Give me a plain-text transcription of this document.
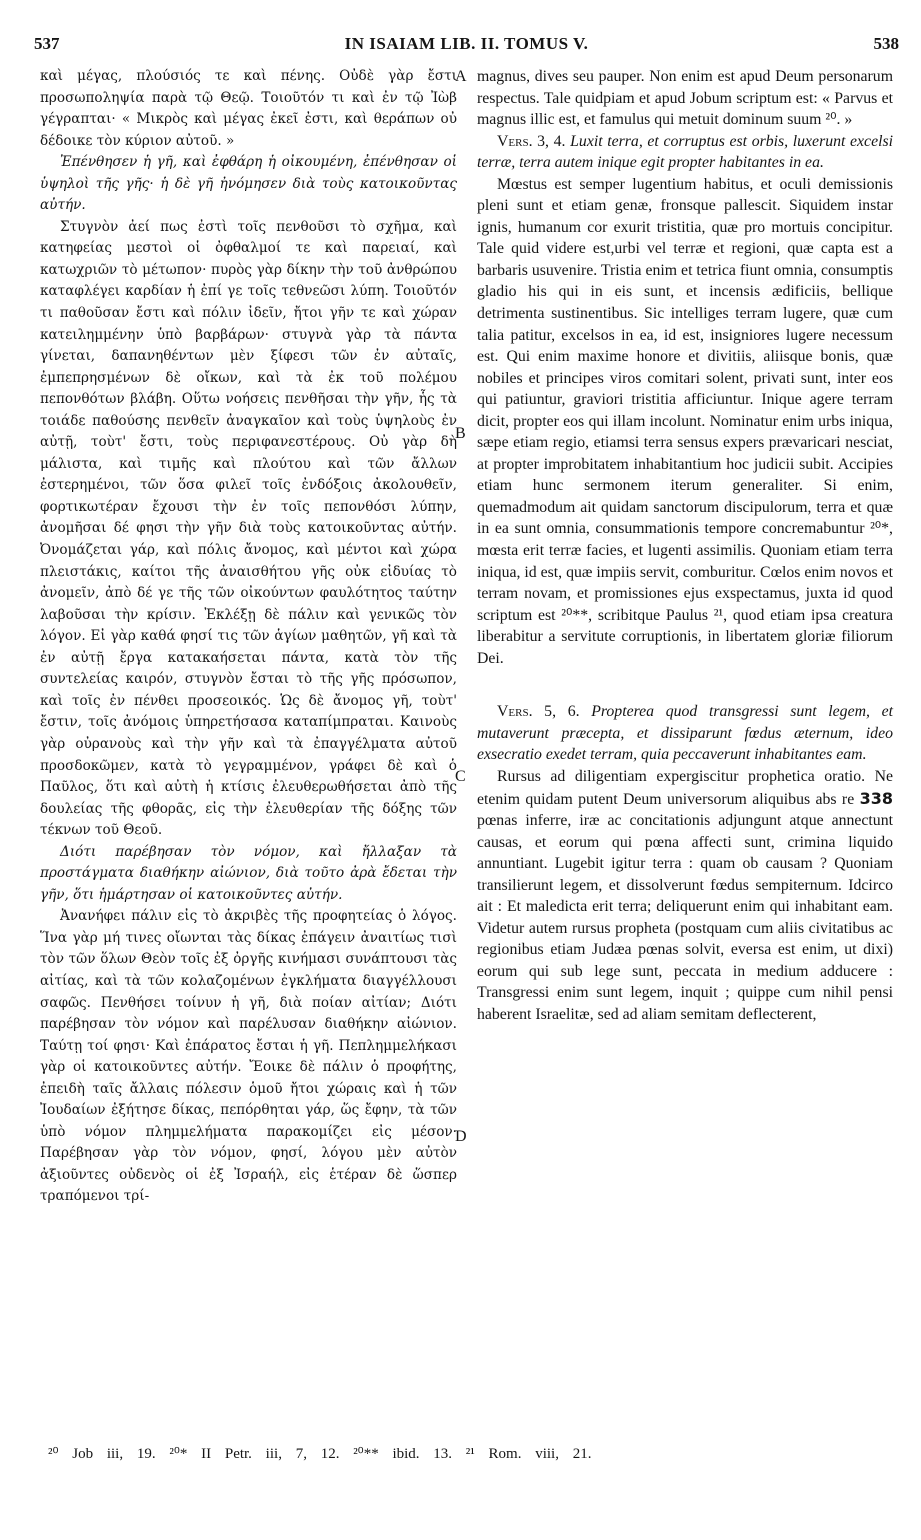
537	IN ISAIAM LIB. II. TOMUS V.	538

καὶ μέγας, πλούσιός τε καὶ πένης. Οὐδὲ γὰρ ἔστι προσωποληψία παρὰ τῷ Θεῷ. Τοιοῦτόν τι καὶ ἐν τῷ Ἰὼβ γέγραπται· « Μικρὸς καὶ μέγας ἐκεῖ ἐστι, καὶ θεράπων οὐ δέδοικε τὸν κύριον αὐτοῦ. »

Ἐπένθησεν ἡ γῆ, καὶ ἐφθάρη ἡ οἰκουμένη, ἐπένθησαν οἱ ὑψηλοὶ τῆς γῆς· ἡ δὲ γῆ ἠνόμησεν διὰ τοὺς κατοικοῦντας αὐτήν.

Στυγνὸν ἀεί πως ἐστὶ τοῖς πενθοῦσι τὸ σχῆμα, καὶ κατηφείας μεστοὶ οἱ ὀφθαλμοί τε καὶ παρειαί, καὶ κατωχριῶν τὸ μέτωπον· πυρὸς γὰρ δίκην τὴν τοῦ ἀνθρώπου καταφλέγει καρδίαν ἡ ἐπί γε τοῖς τεθνεῶσι λύπη. Τοιοῦτόν τι παθοῦσαν ἔστι καὶ πόλιν ἰδεῖν, ἤτοι γῆν τε καὶ χώραν κατειλημμένην ὑπὸ βαρβάρων· στυγνὰ γὰρ τὰ πάντα γίνεται, δαπανηθέντων μὲν ξίφεσι τῶν ἐν αὐταῖς, ἐμπεπρησμένων δὲ οἴκων, καὶ τὰ ἐκ τοῦ πολέμου πεπονθότων βλάβη. Οὕτω νοήσεις πενθῆσαι τὴν γῆν, ἧς τὰ τοιάδε παθούσης πενθεῖν ἀναγκαῖον καὶ τοὺς ὑψηλοὺς ἐν αὐτῇ, τοὺτ' ἔστι, τοὺς περιφανεστέρους. Οὐ γὰρ δὴ μάλιστα, καὶ τιμῆς καὶ πλούτου καὶ τῶν ἄλλων ἐστερημένοι, τῶν ὅσα φιλεῖ τοῖς ἐνδόξοις ἀκολουθεῖν, φορτικωτέραν ἔχουσι τὴν ἐν τοῖς πεπονθόσι λύπην, ἀνομῆσαι δέ φησι τὴν γῆν διὰ τοὺς κατοικοῦντας αὐτήν. Ὀνομάζεται γάρ, καὶ πόλις ἄνομος, καὶ μέντοι καὶ χώρα πλειστάκις, καίτοι τῆς ἀναισθήτου γῆς οὐκ εἰδυίας τὸ ἀνομεῖν, ἀπὸ δέ γε τῆς τῶν οἰκούντων φαυλότητος ταύτην λαβοῦσαι τὴν κρίσιν. Ἐκλέξῃ δὲ πάλιν καὶ γενικῶς τὸν λόγον. Εἰ γὰρ καθά φησί τις τῶν ἁγίων μαθητῶν, γῆ καὶ τὰ ἐν αὐτῇ ἔργα κατακαήσεται πάντα, κατὰ τὸν τῆς συντελείας καιρόν, στυγνὸν ἔσται τὸ τῆς γῆς πρόσωπον, καὶ τοῖς ἐν πένθει προσεοικός. Ὡς δὲ ἄνομος γῆ, τοὺτ' ἔστιν, τοῖς ἀνόμοις ὑπηρετήσασα καταπίμπραται. Καινοὺς γὰρ οὐρανοὺς καὶ τὴν γῆν καὶ τὰ ἐπαγγέλματα αὐτοῦ προσδοκῶμεν, κατὰ τὸ γεγραμμένον, γράφει δὲ καὶ ὁ Παῦλος, ὅτι καὶ αὐτὴ ἡ κτίσις ἐλευθερωθήσεται ἀπὸ τῆς δουλείας τῆς φθορᾶς, εἰς τὴν ἐλευθερίαν τῆς δόξης τῶν τέκνων τοῦ Θεοῦ.

Διότι παρέβησαν τὸν νόμον, καὶ ἤλλαξαν τὰ προστάγματα διαθήκην αἰώνιον, διὰ τοῦτο ἀρὰ ἔδεται τὴν γῆν, ὅτι ἡμάρτησαν οἱ κατοικοῦντες αὐτήν.

Ἀνανήφει πάλιν εἰς τὸ ἀκριβὲς τῆς προφητείας ὁ λόγος. Ἵνα γὰρ μή τινες οἴωνται τὰς δίκας ἐπάγειν ἀναιτίως τισὶ τὸν τῶν ὅλων Θεὸν τοῖς ἐξ ὀργῆς κινήμασι συνάπτουσι τὰς αἰτίας, καὶ τὰ τῶν κολαζομένων ἐγκλήματα διαγγέλλουσι σαφῶς. Πενθήσει τοίνυν ἡ γῆ, διὰ ποίαν αἰτίαν; Διότι παρέβησαν τὸν νόμον καὶ παρέλυσαν διαθήκην αἰώνιον. Ταύτῃ τοί φησι· Καὶ ἐπάρατος ἔσται ἡ γῆ. Πεπλημμελήκασι γὰρ οἱ κατοικοῦντες αὐτήν. Ἔοικε δὲ πάλιν ὁ προφήτης, ἐπειδὴ ταῖς ἄλλαις πόλεσιν ὁμοῦ ἤτοι χώραις καὶ ἡ τῶν Ἰουδαίων ἐξήτησε δίκας, πεπόρθηται γάρ, ὥς ἔφην, τὰ τῶν ὑπὸ νόμον πλημμελήματα παρακομίζει εἰς μέσον· Παρέβησαν γὰρ τὸν νόμον, φησί, λόγου μὲν αὐτὸν ἀξιοῦντες οὐδενὸς οἱ ἐξ Ἰσραήλ, εἰς ἑτέραν δὲ ὥσπερ τραπόμενοι τρί-

A
B
C
D

magnus, dives seu pauper. Non enim est apud Deum personarum respectus. Tale quidpiam et apud Jobum scriptum est: « Parvus et magnus illic est, et famulus qui metuit dominum suum ²⁰. »

Vers. 3, 4. Luxit terra, et corruptus est orbis, luxerunt excelsi terræ, terra autem inique egit propter habitantes in ea.

Mœstus est semper lugentium habitus, et oculi demissionis pleni sunt et etiam genæ, fronsque pallescit. Siquidem instar ignis, humanum cor exurit tristitia, quæ pro mortuis concipitur. Tale quid videre est,urbi vel terræ et regioni, quæ capta est a barbaris usuvenire. Tristia enim et tetrica fiunt omnia, consumptis gladio his qui in eis sunt, et incensis ædificiis, bellique detrimenta sustinentibus. Sic intelliges terram lugere, quæ cum talia patitur, excelsos in ea, id est, insigniores lugere necessum est. Qui enim maxime honore et divitiis, aliisque bonis, quæ nobiles et principes viros comitari solent, privati sunt, inter eos qui patiuntur, graviori tristitia afficiuntur. Inique agere terram dicit, propter eos qui illam incolunt. Nominatur enim urbs iniqua, sæpe etiam regio, etiamsi terra sensus expers prævaricari nesciat, at propter improbitatem inhabitantium hoc judicii subit. Accipies etiam hunc sermonem iterum generaliter. Si enim, quemadmodum ait quidam sanctorum discipulorum, terra et quæ in ea sunt omnia, consummationis tempore concremabuntur ²⁰*, mœsta erit terræ facies, et lugenti assimilis. Quoniam etiam terra iniqua, id est, quæ impiis servit, comburitur. Cœlos enim novos et terram novam, et promissiones ejus exspectamus, juxta id quod scriptum est ²⁰**, scribitque Paulus ²¹, quod etiam ipsa creatura liberabitur a servitute corruptionis, in libertatem gloriæ filiorum Dei.

Vers. 5, 6. Propterea quod transgressi sunt legem, et mutaverunt præcepta, et dissiparunt fœdus æternum, ideo exsecratio exedet terram, quia peccaverunt inhabitantes eam.

Rursus ad diligentiam expergiscitur prophetica oratio. Ne etenim quidam putent Deum universorum aliquibus abs re 338 pœnas inferre, iræ ac concitationis adjungunt atque annectunt causas, et eorum qui pœna affecti sunt, crimina liquido annuntiant. Lugebit igitur terra : quam ob causam ? Quoniam transilierunt legem, et dissolverunt fœdus sempiternum. Idcirco ait : Et maledicta erit terra; deliquerunt enim qui inhabitant eam. Videtur autem rursus propheta (postquam cum aliis civitatibus ac regionibus etiam Judæa pœnas solvit, eversa est enim, ut dixi) eorum qui sub lege sunt, peccata in medium adducere : Transgressi enim sunt legem, inquit ; quippe cum nihil pensi haberent Israelitæ, sed ad aliam semitam deflecterent,

²⁰ Job iii, 19. ²⁰* II Petr. iii, 7, 12. ²⁰** ibid. 13. ²¹ Rom. viii, 21.
